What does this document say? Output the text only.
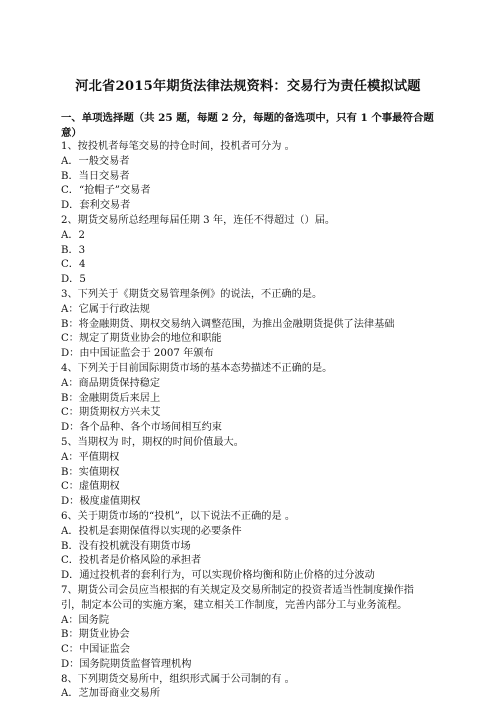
河北省2015年期货法律法规资料：交易行为责任模拟试题
一、单项选择题（共 25 题，每题 2 分，每题的备选项中，只有 1 个事最符合题意）
1、按投机者每笔交易的持仓时间，投机者可分为 。
A．一般交易者
B．当日交易者
C．“抢帽子”交易者
D．套利交易者
2、期货交易所总经理每届任期 3 年，连任不得超过（）届。
A．2
B．3
C．4
D．5
3、下列关于《期货交易管理条例》的说法，不正确的是。
A：它属于行政法规
B：将金融期货、期权交易纳入调整范围，为推出金融期货提供了法律基础
C：规定了期货业协会的地位和职能
D：由中国证监会于 2007 年颁布
4、下列关于目前国际期货市场的基本态势描述不正确的是。
A：商品期货保持稳定
B：金融期货后来居上
C：期货期权方兴未艾
D：各个品种、各个市场间相互约束
5、当期权为 时，期权的时间价值最大。
A：平值期权
B：实值期权
C：虚值期权
D：极度虚值期权
6、关于期货市场的“投机”，以下说法不正确的是 。
A．投机是套期保值得以实现的必要条件
B．没有投机就没有期货市场
C．投机者是价格风险的承担者
D．通过投机者的套利行为，可以实现价格均衡和防止价格的过分波动
7、期货公司会员应当根据的有关规定及交易所制定的投资者适当性制度操作指
引，制定本公司的实施方案，建立相关工作制度，完善内部分工与业务流程。
A：国务院
B：期货业协会
C：中国证监会
D：国务院期货监督管理机构
8、下列期货交易所中，组织形式属于公司制的有 。
A．芝加哥商业交易所
